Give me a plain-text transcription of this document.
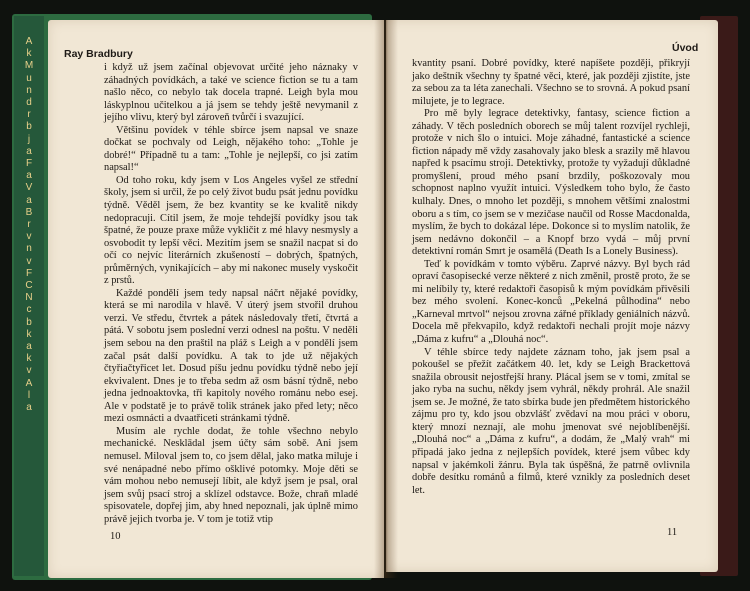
A
k
M
u
n
d
r
b
j
a
F
a
V
a
B
r
v
n
v
F
C
N
c
b
k
a
k
v
A
l
a
Ray Bradbury	Úvod

i když už jsem začínal objevovat určité jeho náznaky v záhadných povídkách, a také ve science fiction se tu a tam našlo něco, co nebylo tak docela trapné. Leigh byla mou láskyplnou učitelkou a já jsem se tehdy ještě nevymanil z jejího vlivu, který byl zároveň tvůrčí i svazující.

Většinu povídek v téhle sbírce jsem napsal ve snaze dočkat se pochvaly od Leigh, nějakého toho: „Tohle je dobré!“ Případně tu a tam: „Tohle je nejlepší, co jsi zatím napsal!“

Od toho roku, kdy jsem v Los Angeles vyšel ze střední školy, jsem si určil, že po celý život budu psát jednu povídku týdně. Věděl jsem, že bez kvantity se ke kvalitě nikdy nedopracuji. Cítil jsem, že moje tehdejší povídky jsou tak špatné, že pouze praxe může vykličit z mé hlavy nesmysly a osvobodit ty lepší věci. Mezitím jsem se snažil nacpat si do očí co nejvíc literárních zkušeností – dobrých, špatných, průměrných, vynikajících – aby mi nakonec musely vyskočit z prstů.

Každé pondělí jsem tedy napsal náčrt nějaké povídky, která se mi narodila v hlavě. V úterý jsem stvořil druhou verzi. Ve středu, čtvrtek a pátek následovaly třetí, čtvrtá a pátá. V sobotu jsem poslední verzi odnesl na poštu. V neděli jsem sebou na den praštil na pláž s Leigh a v pondělí jsem začal psát další povídku. A tak to jde už nějakých čtyřiačtyřicet let. Dosud píšu jednu povídku týdně nebo její ekvivalent. Dnes je to třeba sedm až osm básní týdně, nebo jedna jednoaktovka, tři kapitoly nového románu nebo esej. Ale v podstatě je to právě tolik stránek jako před lety; něco mezi osmnácti a dvaatřiceti stránkami týdně.

Musím ale rychle dodat, že tohle všechno nebylo mechanické. Nesklādal jsem účty sám sobě. Ani jsem nemusel. Miloval jsem to, co jsem dělal, jako matka miluje i své nenápadné nebo přímo ošklivé potomky. Moje děti se vám mohou nebo nemusejí líbit, ale když jsem je psal, oral jsem svůj psací stroj a sklízel odstavce. Bože, chraň mladé spisovatele, dopřej jim, aby hned nepoznali, jak úplně mimo právě jejich tvorba je. V tom je totiž vtip

kvantity psaní. Dobré povídky, které napíšete později, přikryjí jako deštník všechny ty špatné věci, které, jak později zjistíte, jste za sebou za ta léta zanechali. Všechno se to srovná. A pokud psaní milujete, je to legrace.

Pro mě byly legrace detektivky, fantasy, science fiction a záhady. V těch posledních oborech se můj talent rozvíjel rychleji, protože v nich šlo o intuici. Moje záhadné, fantastické a science fiction nápady mě vždy zasahovaly jako blesk a srazily mě hlavou napřed k psacímu stroji. Detektivky, protože ty vyžadují důkladné promyšlení, proud mého psaní brzdily, poškozovaly mou schopnost naplno využít intuici. Výsledkem toho bylo, že často kulhaly. Dnes, o mnoho let později, s mnohem většími znalostmi oboru a s tím, co jsem se v mezičase naučil od Rosse Macdonalda, myslím, že bych to dokázal lépe. Dokonce si to myslím natolik, že jsem nedávno dokončil – a Knopf brzo vydá – můj první detektivní román Smrt je osamělá (Death Is a Lonely Business).

Teď k povídkám v tomto výběru. Zaprvé názvy. Byl bych rád opraví časopisecké verze některé z nich změnil, prostě proto, že se mi nelíbily ty, které redaktoři časopisů k mým povídkám přivěsili bez mého svolení. Konec-konců „Pekelná půlhodina“ nebo „Karneval mrtvol“ nejsou zrovna zářné příklady geniálních názvů. Docela mě překvapilo, když redaktoři nechali projít moje názvy „Dáma z kufru“ a „Dlouhá noc“.

V téhle sbírce tedy najdete záznam toho, jak jsem psal a pokoušel se přežít začátkem 40. let, kdy se Leigh Brackettová snažila obrousit nejostřejší hrany. Plácal jsem se v tomi, zmítal se jako ryba na suchu, někdy jsem vyhrál, někdy prohrál. Ale snažil jsem se. Je možné, že tato sbírka bude jen předmětem historického zájmu pro ty, kdo jsou obzvlášť zvědaví na mou práci v oboru, který mnozí neznají, ale mohu jmenovat své nejoblíbenější. „Dlouhá noc“ a „Dáma z kufru“, a dodám, že „Malý vrah“ mi připadá jako jedna z nejlepších povídek, které jsem vůbec kdy napsal v jakémkoli žánru. Byla tak úspěšná, že patrně ovlivnila dobře desítku románů a filmů, které vznikly za posledních deset let.

10	11
